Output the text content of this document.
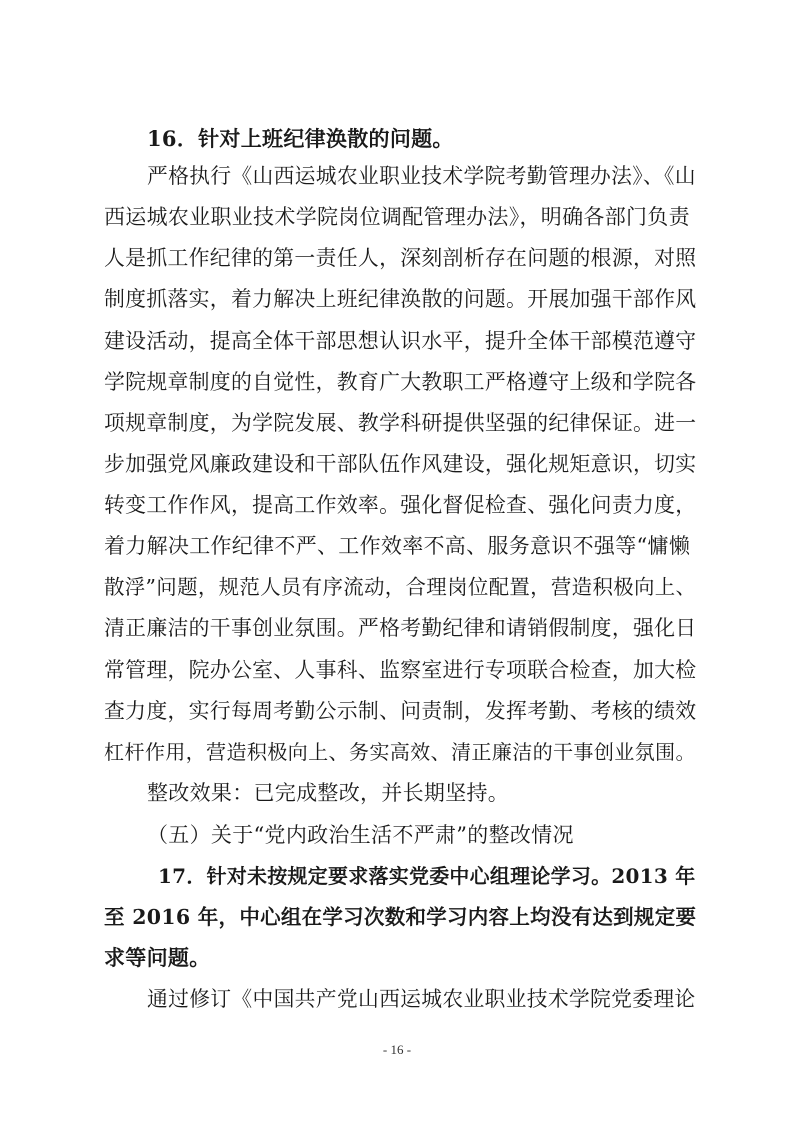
16．针对上班纪律涣散的问题。

严格执行《山西运城农业职业技术学院考勤管理办法》、《山

西运城农业职业技术学院岗位调配管理办法》，明确各部门负责

人是抓工作纪律的第一责任人，深刻剖析存在问题的根源，对照

制度抓落实，着力解决上班纪律涣散的问题。开展加强干部作风

建设活动，提高全体干部思想认识水平，提升全体干部模范遵守

学院规章制度的自觉性，教育广大教职工严格遵守上级和学院各

项规章制度，为学院发展、教学科研提供坚强的纪律保证。进一

步加强党风廉政建设和干部队伍作风建设，强化规矩意识，切实

转变工作作风，提高工作效率。强化督促检查、强化问责力度，

着力解决工作纪律不严、工作效率不高、服务意识不强等“慵懒

散浮”问题，规范人员有序流动，合理岗位配置，营造积极向上、

清正廉洁的干事创业氛围。严格考勤纪律和请销假制度，强化日

常管理，院办公室、人事科、监察室进行专项联合检查，加大检

查力度，实行每周考勤公示制、问责制，发挥考勤、考核的绩效

杠杆作用，营造积极向上、务实高效、清正廉洁的干事创业氛围。

整改效果：已完成整改，并长期坚持。

（五）关于“党内政治生活不严肃”的整改情况

17．针对未按规定要求落实党委中心组理论学习。2013 年

至 2016 年，中心组在学习次数和学习内容上均没有达到规定要

求等问题。

通过修订《中国共产党山西运城农业职业技术学院党委理论

- 16 -
